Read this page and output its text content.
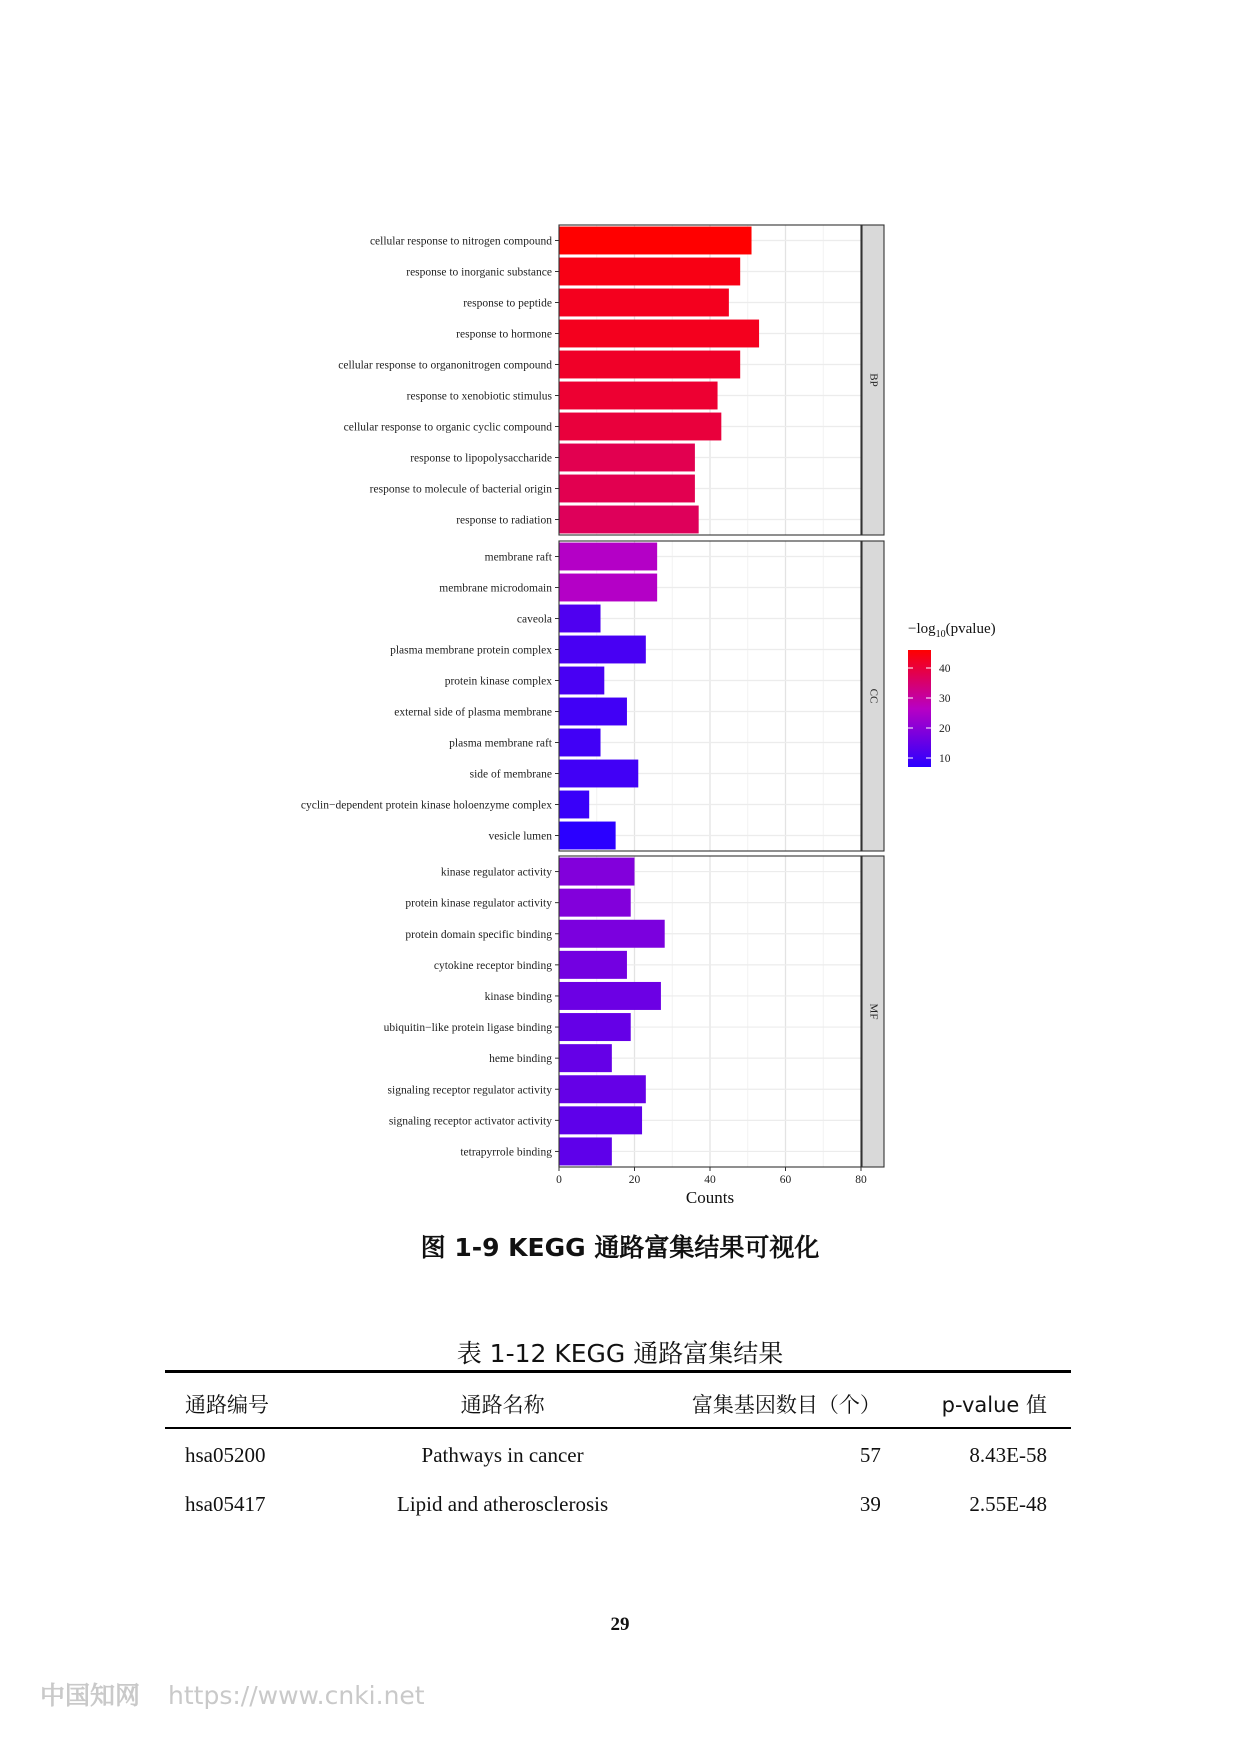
cellular response to nitrogen compound
response to inorganic substance
response to peptide
response to hormone
cellular response to organonitrogen compound
response to xenobiotic stimulus
cellular response to organic cyclic compound
response to lipopolysaccharide
response to molecule of bacterial origin
response to radiation
BP
membrane raft
membrane microdomain
caveola
plasma membrane protein complex
protein kinase complex
external side of plasma membrane
plasma membrane raft
side of membrane
cyclin−dependent protein kinase holoenzyme complex
vesicle lumen
CC
kinase regulator activity
protein kinase regulator activity
protein domain specific binding
cytokine receptor binding
kinase binding
ubiquitin−like protein ligase binding
heme binding
signaling receptor regulator activity
signaling receptor activator activity
tetrapyrrole binding
MF
0	20	40	60	80
Counts
40
30
20
10
$-\log_{10}(pvalue)$
图 1-9 KEGG 通路富集结果可视化
表 1-12 KEGG 通路富集结果
通路编号	通路名称	富集基因数目（个）	p-value 值
hsa05200	Pathways in cancer	57	8.43E-58
hsa05417	Lipid and atherosclerosis	39	2.55E-48
29
中国知网 https://www.cnki.net
